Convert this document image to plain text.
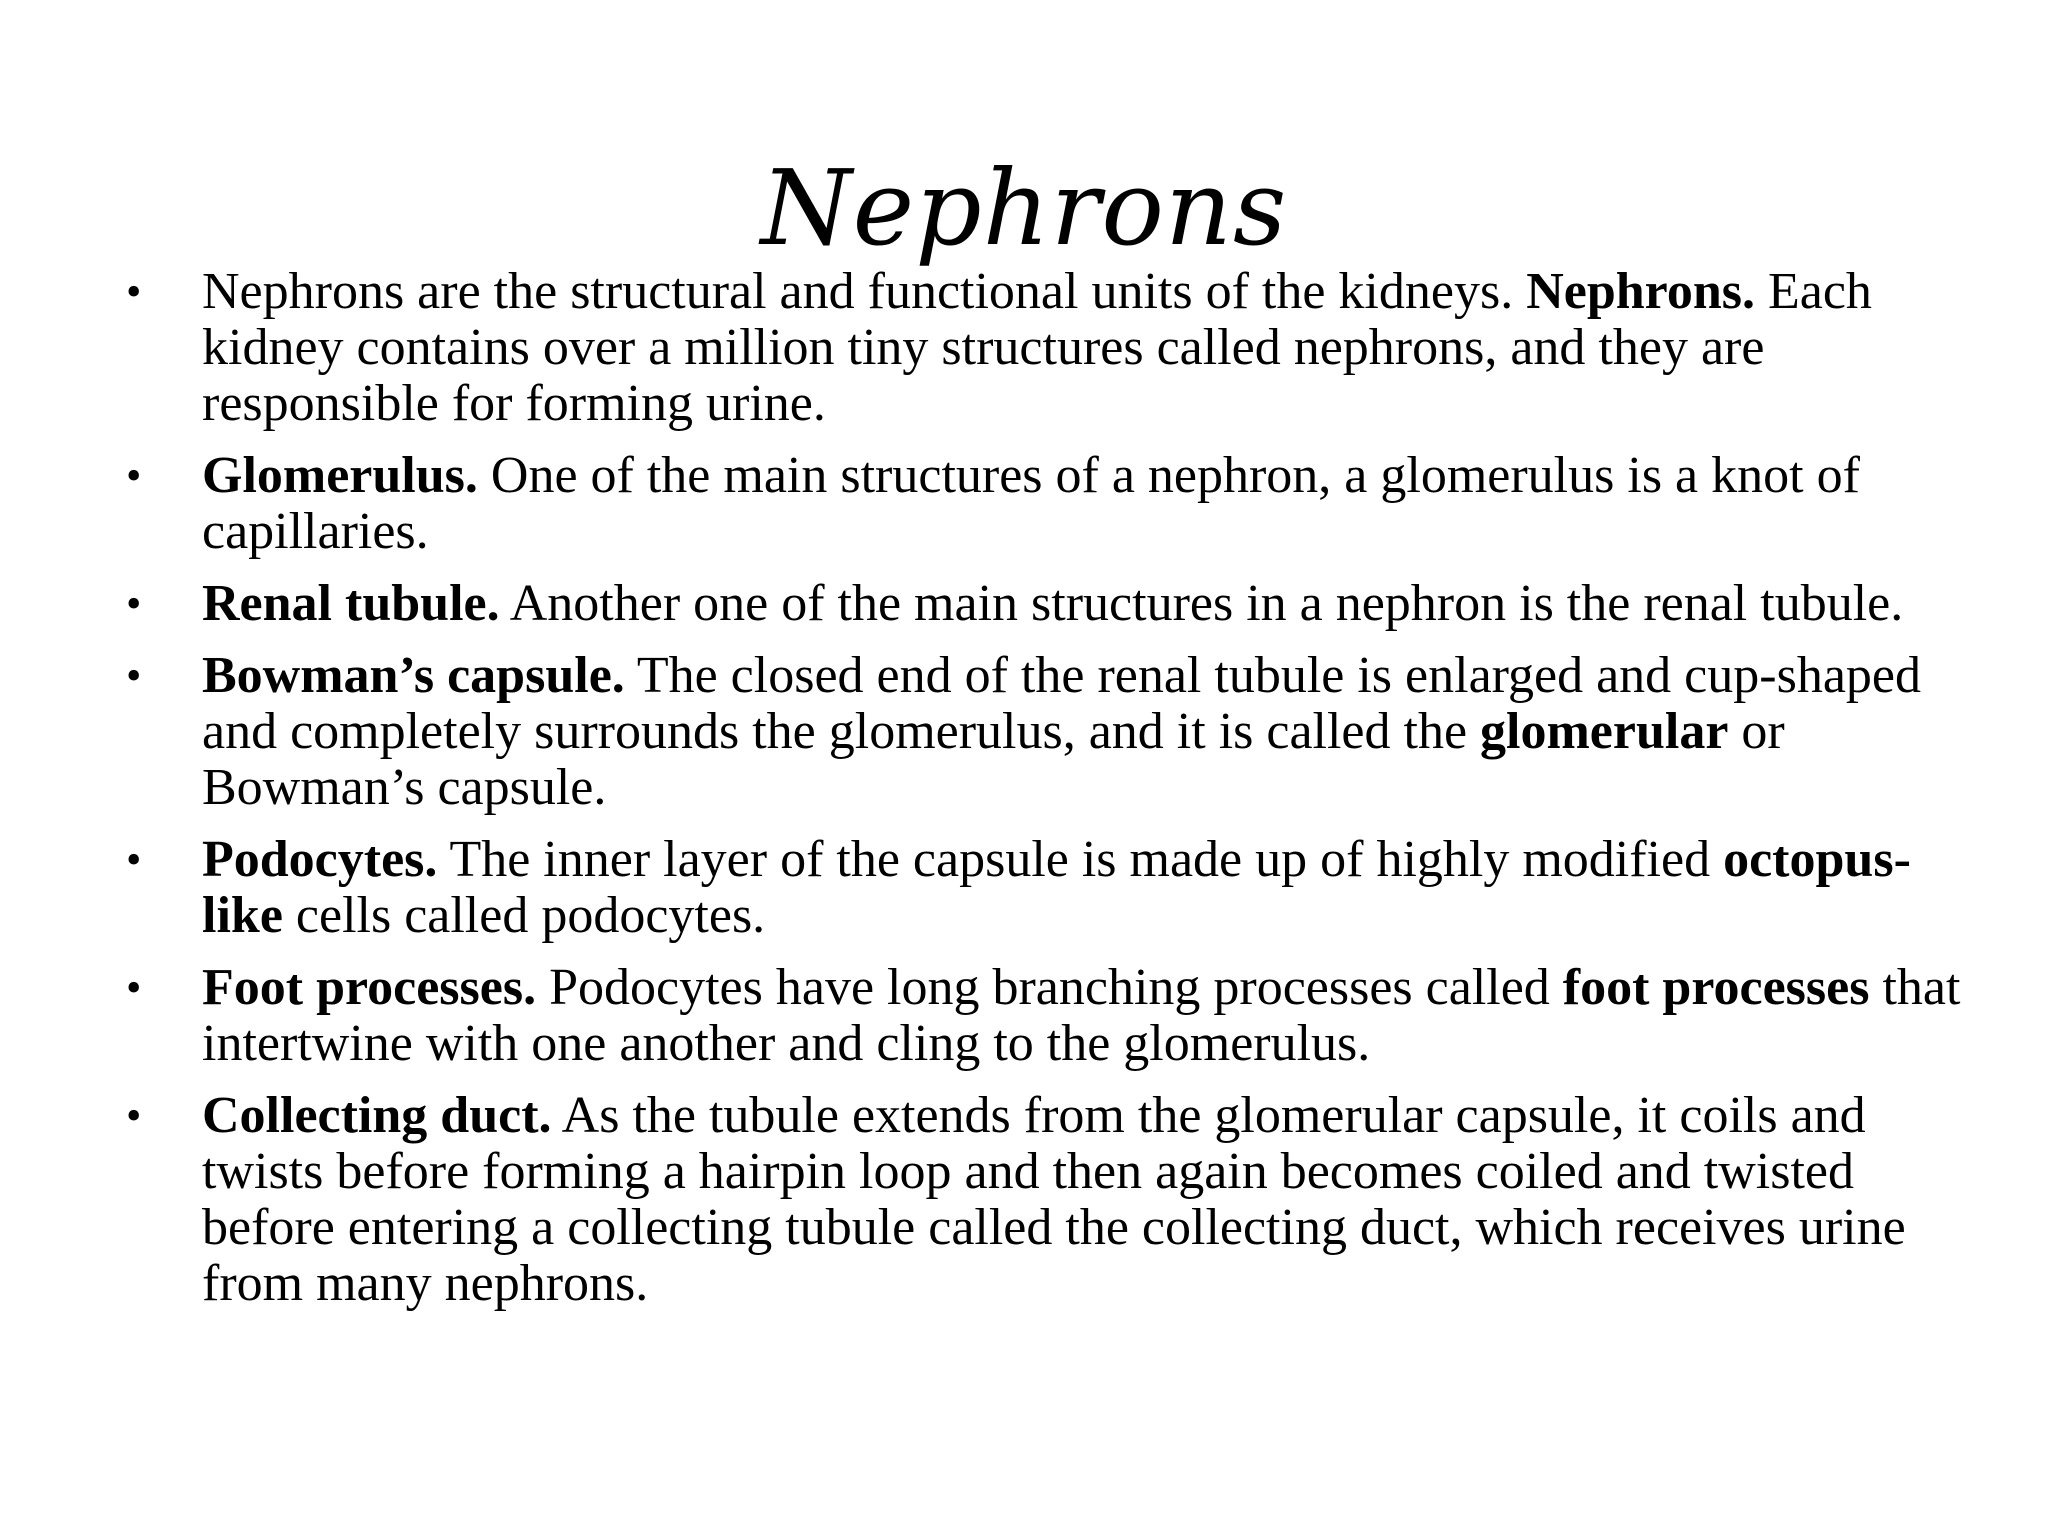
Nephrons
• Nephrons are the structural and functional units of the kidneys. Nephrons. Each kidney contains over a million tiny structures called nephrons, and they are responsible for forming urine.
• Glomerulus. One of the main structures of a nephron, a glomerulus is a knot of capillaries.
• Renal tubule. Another one of the main structures in a nephron is the renal tubule.
• Bowman’s capsule. The closed end of the renal tubule is enlarged and cup-shaped and completely surrounds the glomerulus, and it is called the glomerular or Bowman’s capsule.
• Podocytes. The inner layer of the capsule is made up of highly modified octopus-like cells called podocytes.
• Foot processes. Podocytes have long branching processes called foot processes that intertwine with one another and cling to the glomerulus.
• Collecting duct. As the tubule extends from the glomerular capsule, it coils and twists before forming a hairpin loop and then again becomes coiled and twisted before entering a collecting tubule called the collecting duct, which receives urine from many nephrons.
